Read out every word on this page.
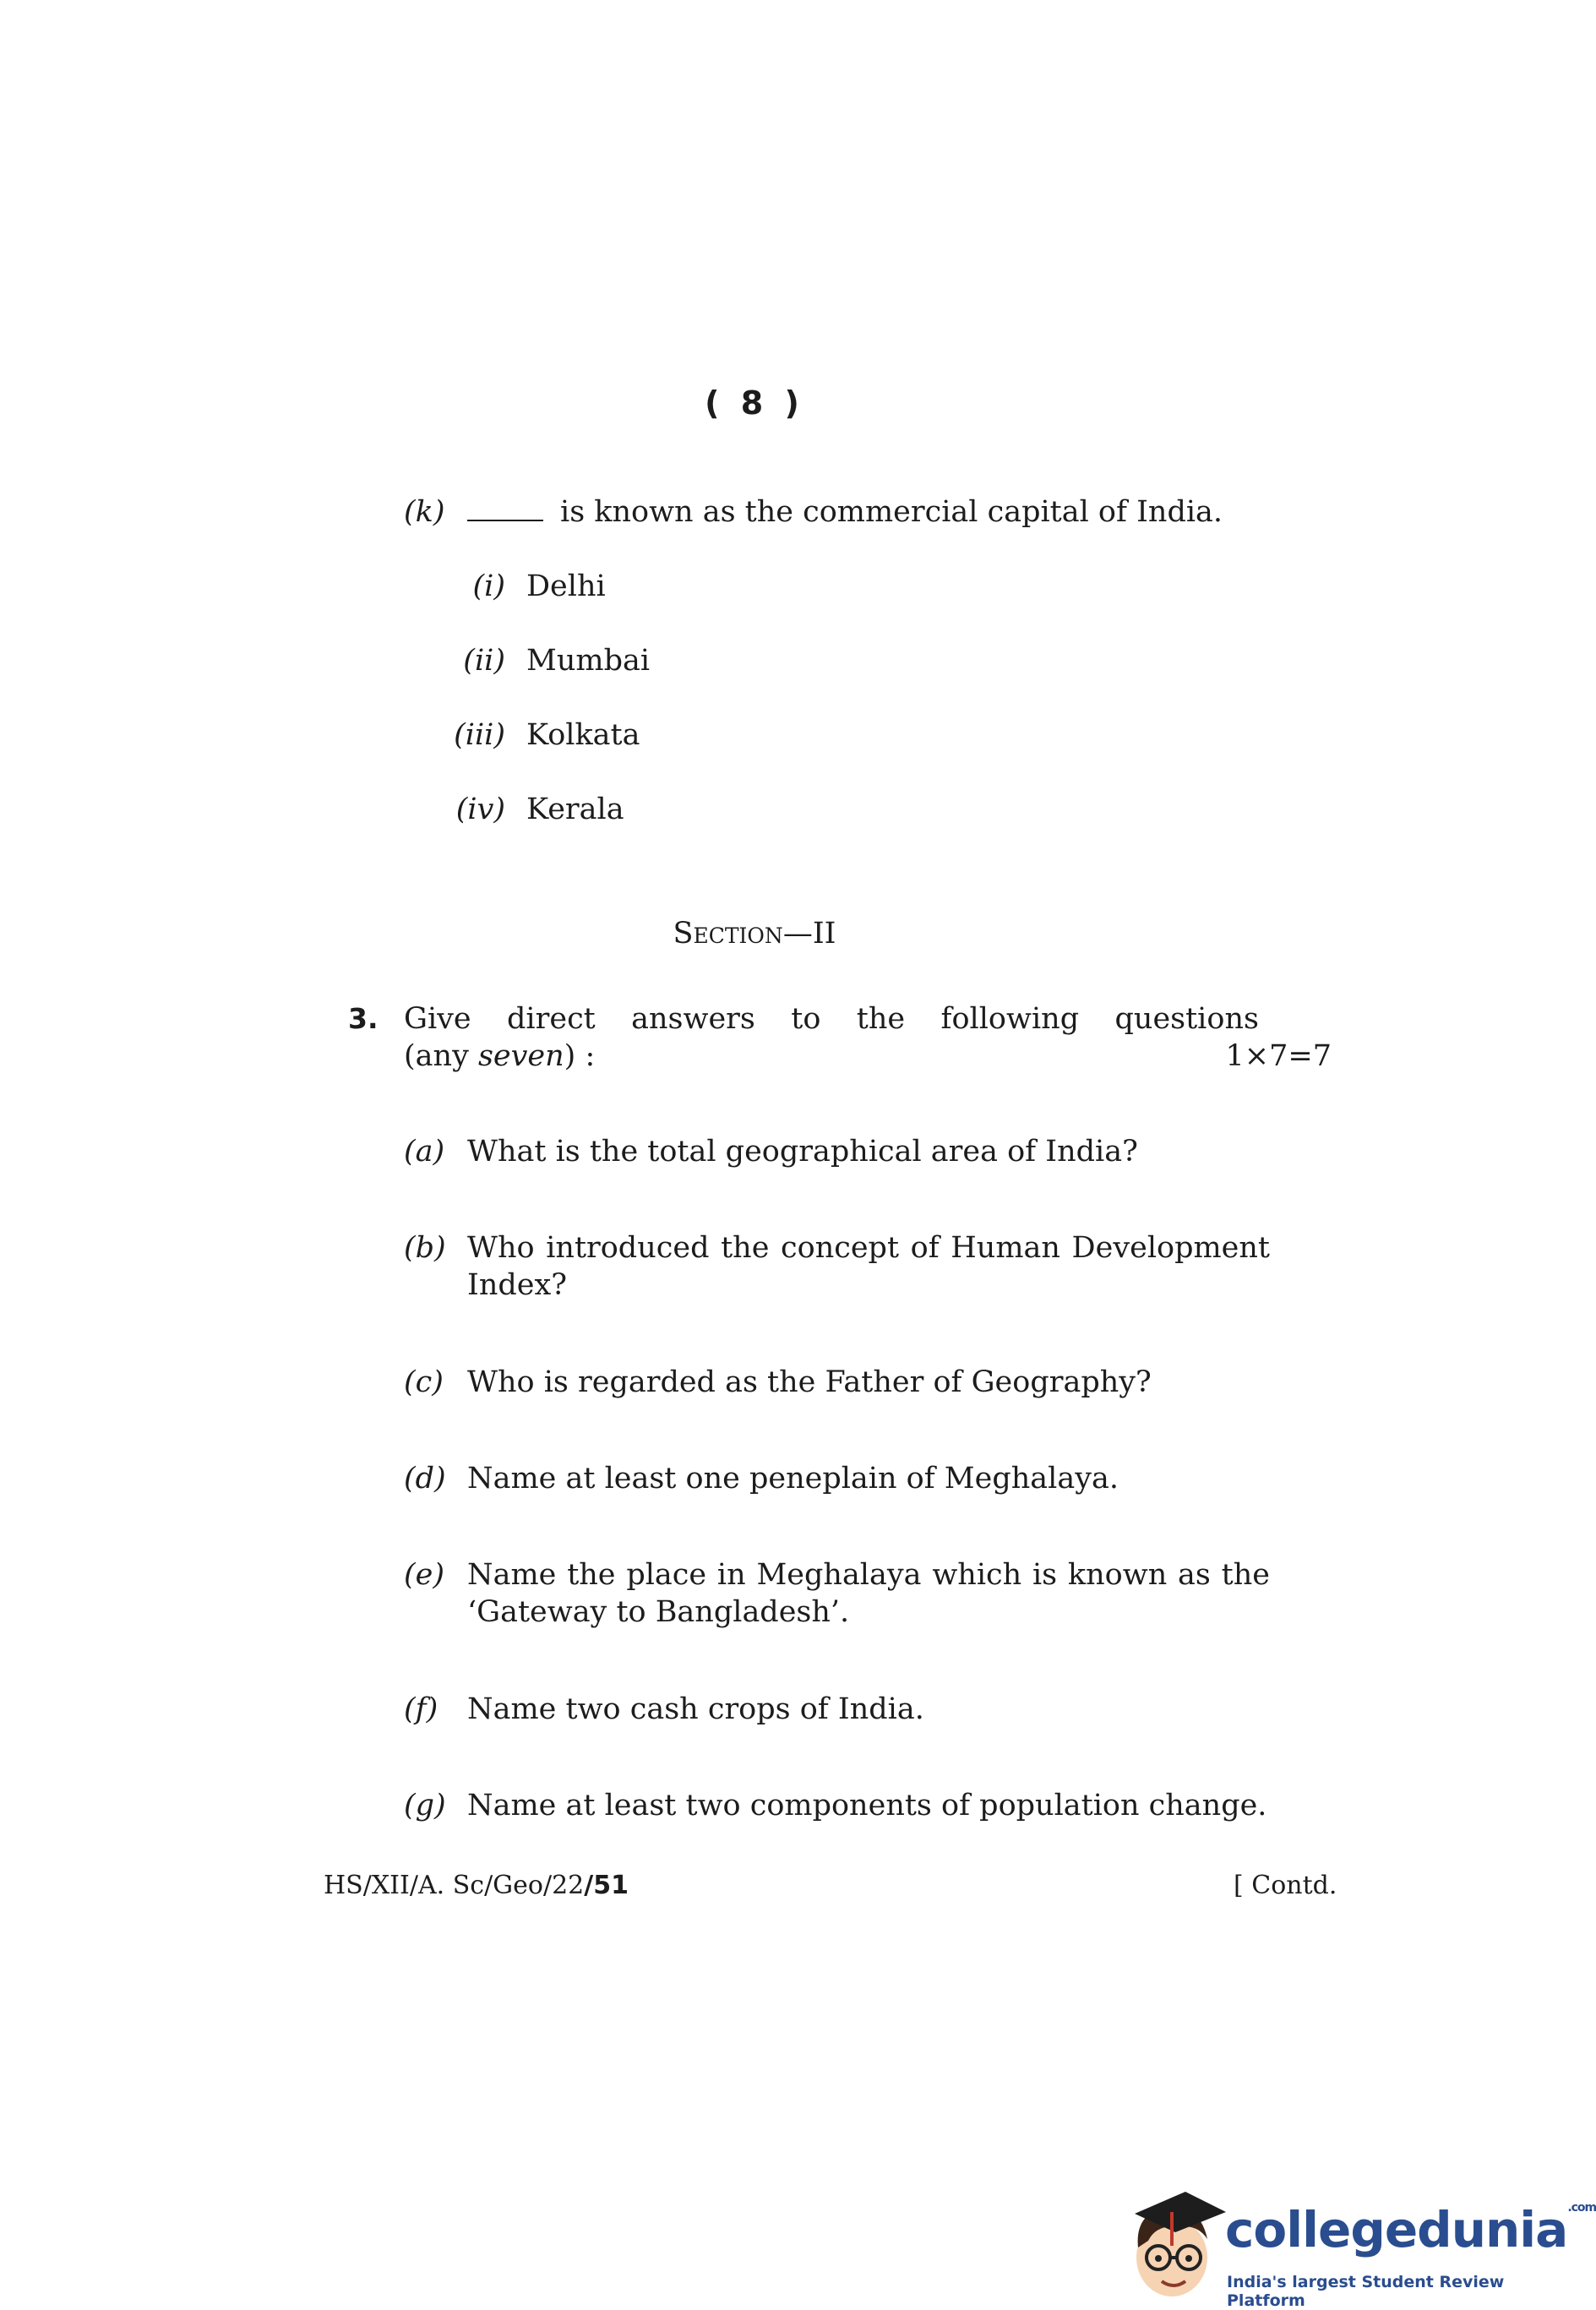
( 8 )
(k)	is known as the commercial capital of India.
(i) Delhi
(ii) Mumbai
(iii) Kolkata
(iv) Kerala
Section—II
3. Give direct answers to the following questions
(any seven) :	1×7=7
(a) What is the total geographical area of India?
(b) Who introduced the concept of Human Development Index?
(c) Who is regarded as the Father of Geography?
(d) Name at least one peneplain of Meghalaya.
(e) Name the place in Meghalaya which is known as the ‘Gateway to Bangladesh’.
(f) Name two cash crops of India.
(g) Name at least two components of population change.
HS/XII/A. Sc/Geo/22/51	[ Contd.
collegedunia$^{.com}$
India's largest Student Review Platform
